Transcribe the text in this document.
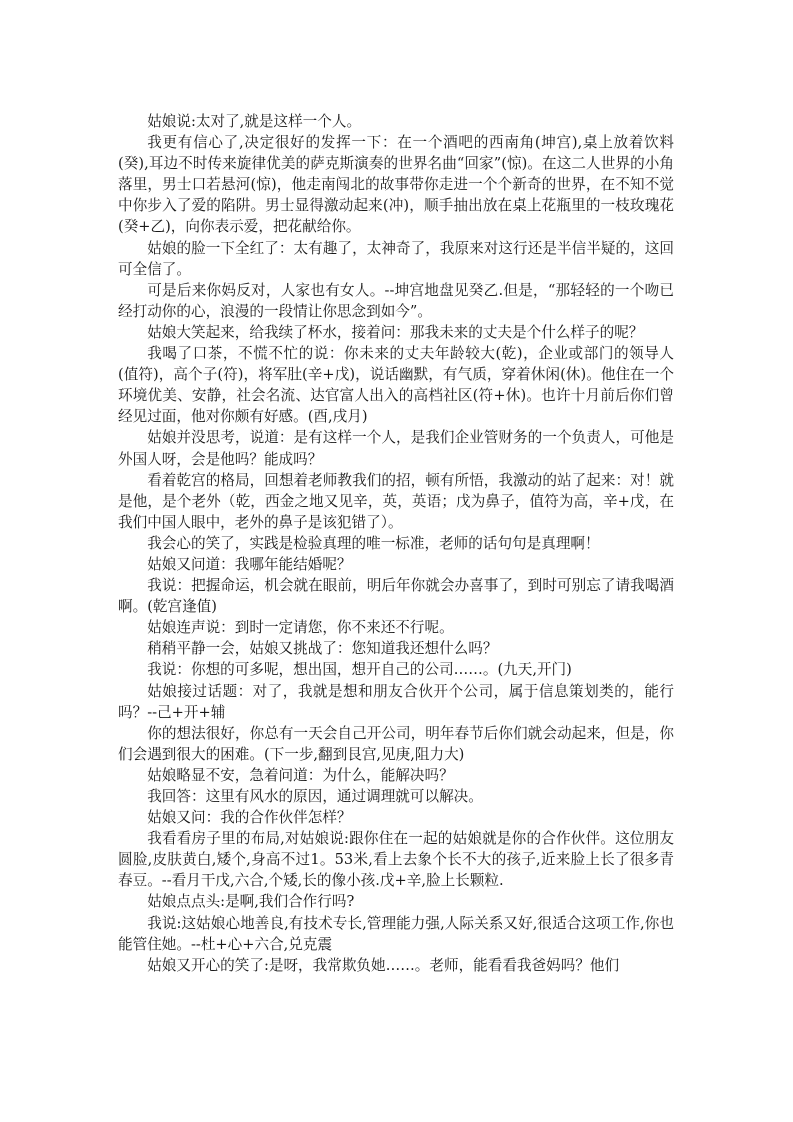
姑娘说:太对了,就是这样一个人。

我更有信心了,决定很好的发挥一下：在一个酒吧的西南角(坤宫),桌上放着饮料(癸),耳边不时传来旋律优美的萨克斯演奏的世界名曲“回家”(惊)。在这二人世界的小角落里，男士口若悬河(惊)，他走南闯北的故事带你走进一个个新奇的世界，在不知不觉中你步入了爱的陷阱。男士显得激动起来(冲)，顺手抽出放在桌上花瓶里的一枝玫瑰花(癸+乙)，向你表示爱，把花献给你。

姑娘的脸一下全红了：太有趣了，太神奇了，我原来对这行还是半信半疑的，这回可全信了。

可是后来你妈反对，人家也有女人。--坤宫地盘见癸乙.但是，“那轻轻的一个吻已经打动你的心，浪漫的一段情让你思念到如今”。

姑娘大笑起来，给我续了杯水，接着问：那我未来的丈夫是个什么样子的呢？

我喝了口茶，不慌不忙的说：你未来的丈夫年龄较大(乾)，企业或部门的领导人(值符)，高个子(符)，将军肚(辛+戊)，说话幽默，有气质，穿着休闲(休)。他住在一个环境优美、安静，社会名流、达官富人出入的高档社区(符+休)。也许十月前后你们曾经见过面，他对你颇有好感。(酉,戌月)

姑娘并没思考，说道：是有这样一个人，是我们企业管财务的一个负责人，可他是外国人呀，会是他吗？能成吗？

看着乾宫的格局，回想着老师教我们的招，顿有所悟，我激动的站了起来：对！就是他，是个老外（乾，西金之地又见辛，英，英语；戊为鼻子，值符为高，辛+戊，在我们中国人眼中，老外的鼻子是该犯错了）。

我会心的笑了，实践是检验真理的唯一标准，老师的话句句是真理啊！

姑娘又问道：我哪年能结婚呢？

我说：把握命运，机会就在眼前，明后年你就会办喜事了，到时可别忘了请我喝酒啊。(乾宫逢值)

姑娘连声说：到时一定请您，你不来还不行呢。

稍稍平静一会，姑娘又挑战了：您知道我还想什么吗？

我说：你想的可多呢，想出国，想开自己的公司……。(九天,开门)

姑娘接过话题：对了，我就是想和朋友合伙开个公司，属于信息策划类的，能行吗？--己+开+辅

你的想法很好，你总有一天会自己开公司，明年春节后你们就会动起来，但是，你们会遇到很大的困难。(下一步,翻到艮宫,见庚,阻力大)

姑娘略显不安，急着问道：为什么，能解决吗？

我回答：这里有风水的原因，通过调理就可以解决。

姑娘又问：我的合作伙伴怎样？

我看看房子里的布局,对姑娘说:跟你住在一起的姑娘就是你的合作伙伴。这位朋友圆脸,皮肤黄白,矮个,身高不过1。53米,看上去象个长不大的孩子,近来脸上长了很多青春豆。--看月干戊,六合,个矮,长的像小孩.戊+辛,脸上长颗粒.

姑娘点点头:是啊,我们合作行吗?

我说:这姑娘心地善良,有技术专长,管理能力强,人际关系又好,很适合这项工作,你也能管住她。--杜+心+六合,兑克震

姑娘又开心的笑了:是呀，我常欺负她……。老师，能看看我爸妈吗？他们
